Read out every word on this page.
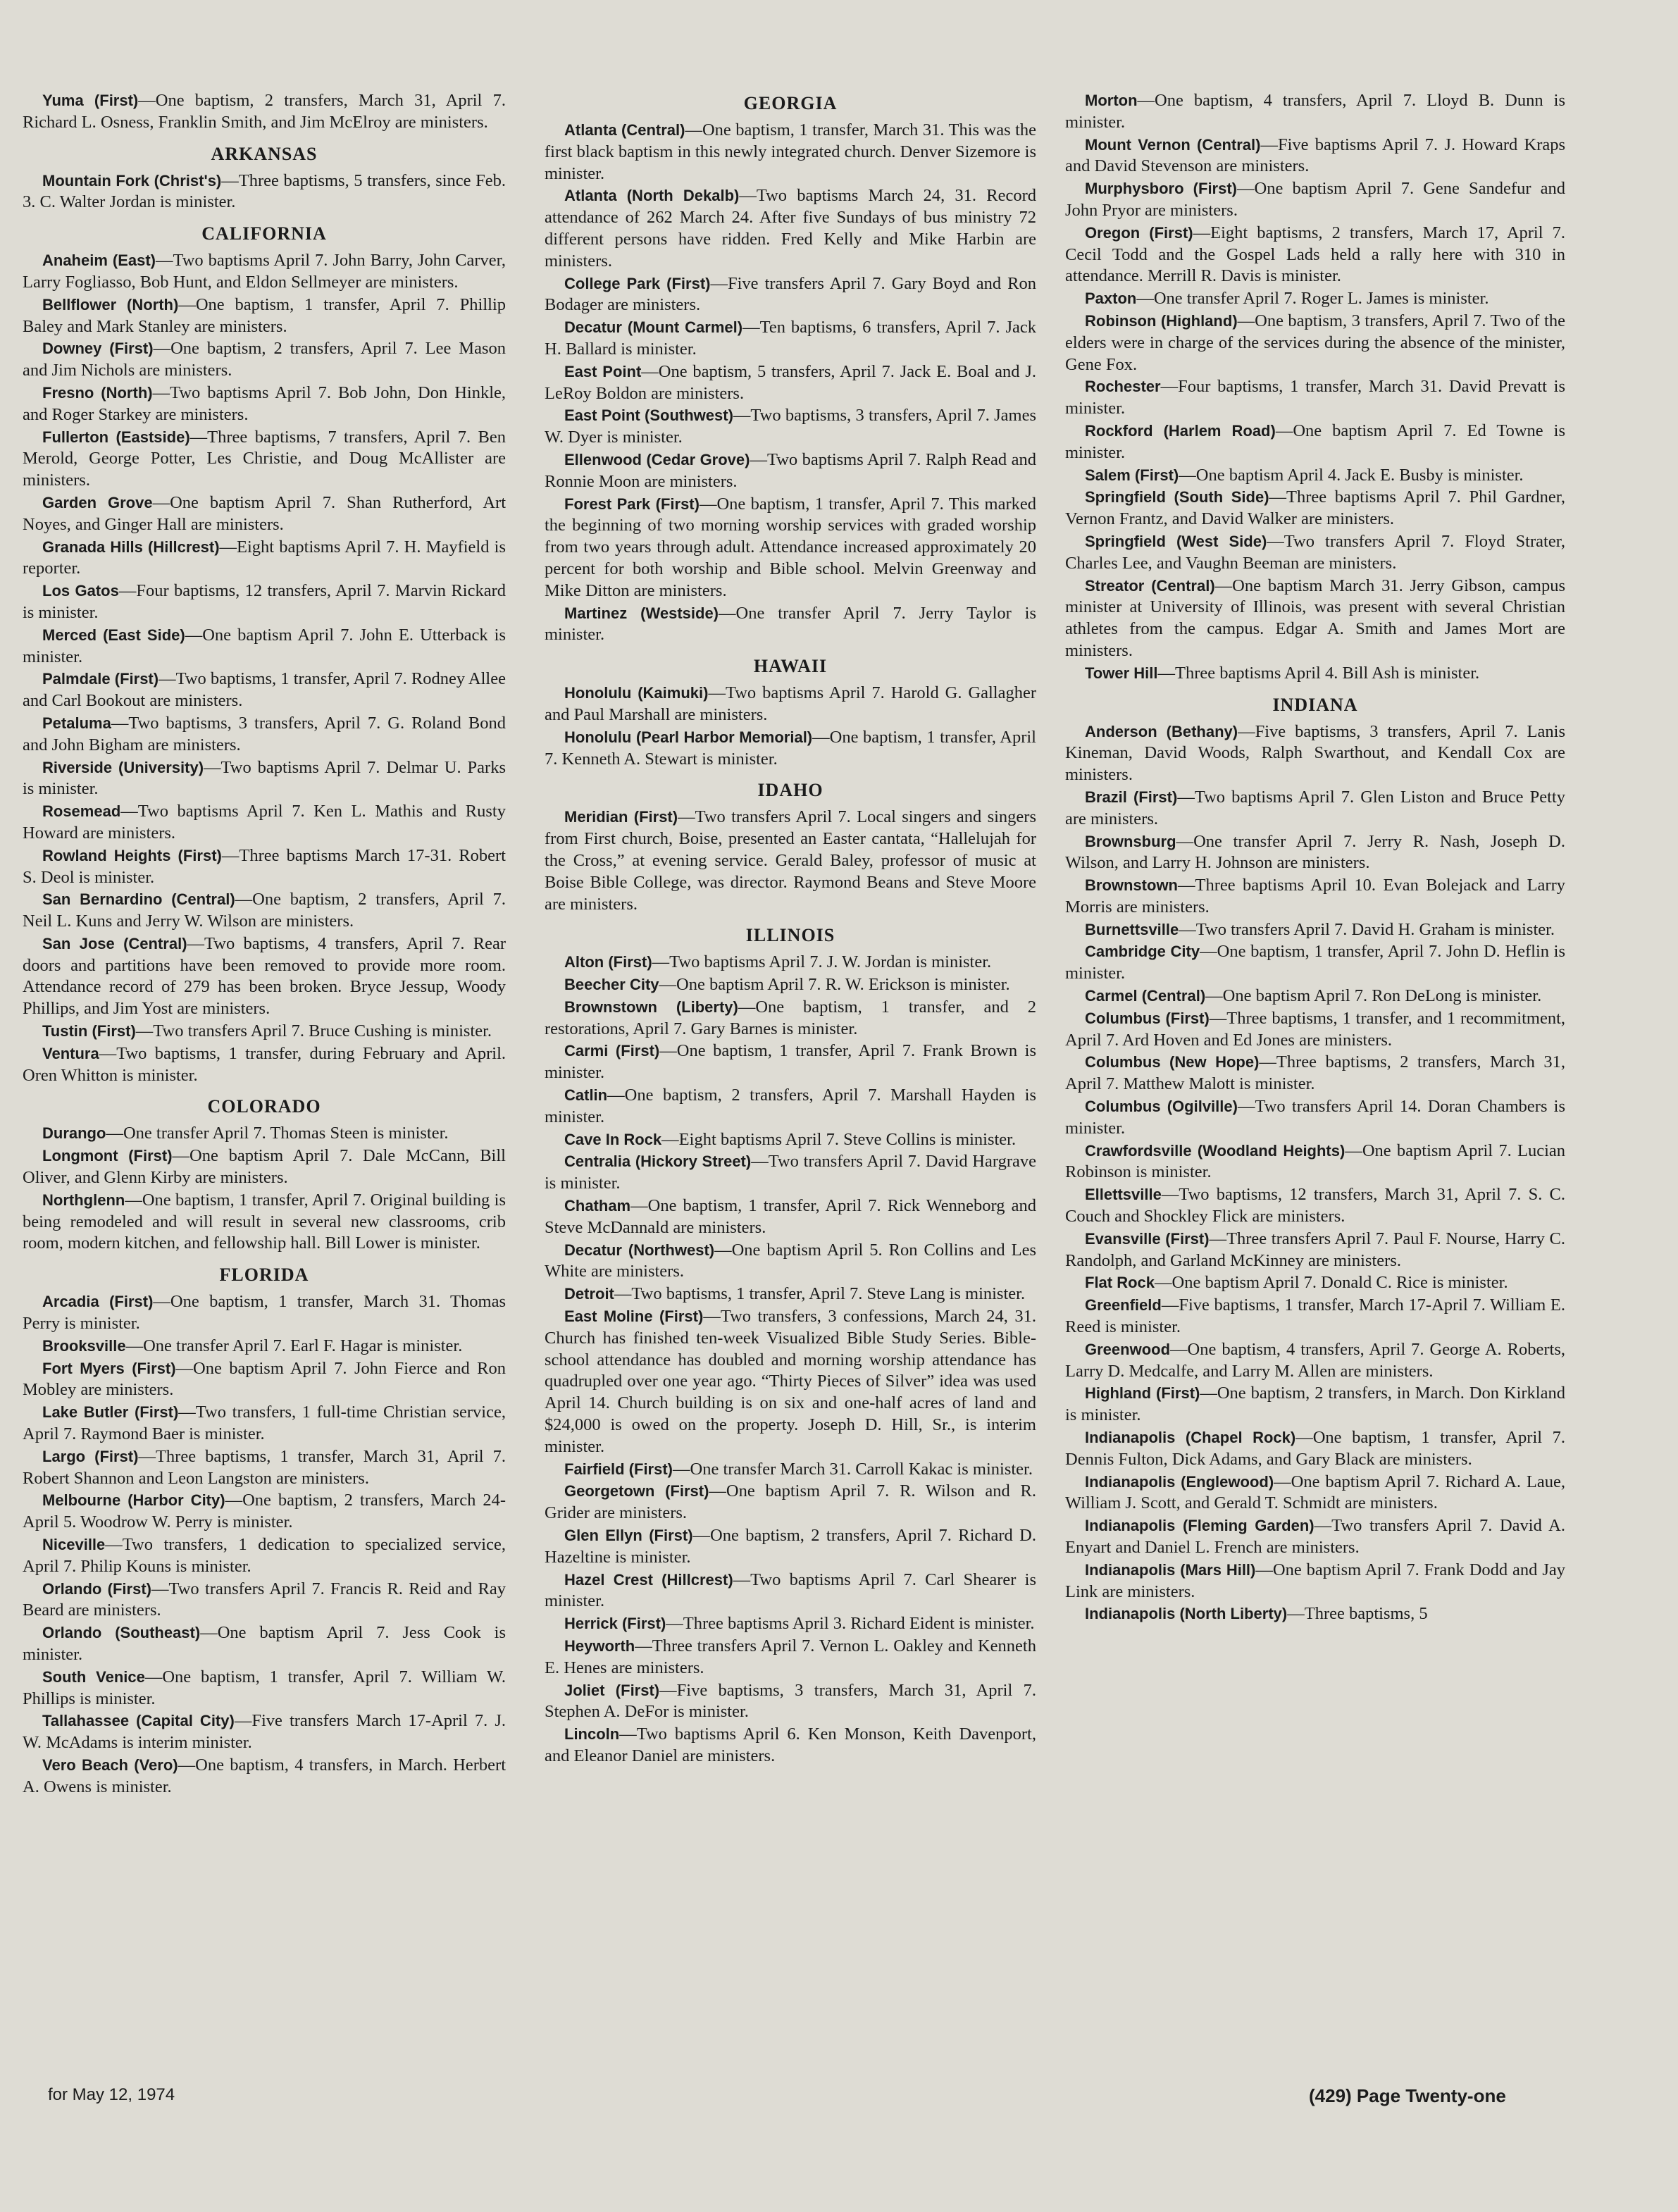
Yuma (First)—One baptism, 2 transfers, March 31, April 7. Richard L. Osness, Franklin Smith, and Jim McElroy are ministers.

ARKANSAS

Mountain Fork (Christ's)—Three baptisms, 5 transfers, since Feb. 3. C. Walter Jordan is minister.

CALIFORNIA

Anaheim (East)—Two baptisms April 7. John Barry, John Carver, Larry Fogliasso, Bob Hunt, and Eldon Sellmeyer are ministers.

Bellflower (North)—One baptism, 1 transfer, April 7. Phillip Baley and Mark Stanley are ministers.

Downey (First)—One baptism, 2 transfers, April 7. Lee Mason and Jim Nichols are ministers.

Fresno (North)—Two baptisms April 7. Bob John, Don Hinkle, and Roger Starkey are ministers.

Fullerton (Eastside)—Three baptisms, 7 transfers, April 7. Ben Merold, George Potter, Les Christie, and Doug McAllister are ministers.

Garden Grove—One baptism April 7. Shan Rutherford, Art Noyes, and Ginger Hall are ministers.

Granada Hills (Hillcrest)—Eight baptisms April 7. H. Mayfield is reporter.

Los Gatos—Four baptisms, 12 transfers, April 7. Marvin Rickard is minister.

Merced (East Side)—One baptism April 7. John E. Utterback is minister.

Palmdale (First)—Two baptisms, 1 transfer, April 7. Rodney Allee and Carl Bookout are ministers.

Petaluma—Two baptisms, 3 transfers, April 7. G. Roland Bond and John Bigham are ministers.

Riverside (University)—Two baptisms April 7. Delmar U. Parks is minister.

Rosemead—Two baptisms April 7. Ken L. Mathis and Rusty Howard are ministers.

Rowland Heights (First)—Three baptisms March 17-31. Robert S. Deol is minister.

San Bernardino (Central)—One baptism, 2 transfers, April 7. Neil L. Kuns and Jerry W. Wilson are ministers.

San Jose (Central)—Two baptisms, 4 transfers, April 7. Rear doors and partitions have been removed to provide more room. Attendance record of 279 has been broken. Bryce Jessup, Woody Phillips, and Jim Yost are ministers.

Tustin (First)—Two transfers April 7. Bruce Cushing is minister.

Ventura—Two baptisms, 1 transfer, during February and April. Oren Whitton is minister.

COLORADO

Durango—One transfer April 7. Thomas Steen is minister.

Longmont (First)—One baptism April 7. Dale McCann, Bill Oliver, and Glenn Kirby are ministers.

Northglenn—One baptism, 1 transfer, April 7. Original building is being remodeled and will result in several new classrooms, crib room, modern kitchen, and fellowship hall. Bill Lower is minister.

FLORIDA

Arcadia (First)—One baptism, 1 transfer, March 31. Thomas Perry is minister.

Brooksville—One transfer April 7. Earl F. Hagar is minister.

Fort Myers (First)—One baptism April 7. John Fierce and Ron Mobley are ministers.

Lake Butler (First)—Two transfers, 1 full-time Christian service, April 7. Raymond Baer is minister.

Largo (First)—Three baptisms, 1 transfer, March 31, April 7. Robert Shannon and Leon Langston are ministers.

Melbourne (Harbor City)—One baptism, 2 transfers, March 24-April 5. Woodrow W. Perry is minister.

Niceville—Two transfers, 1 dedication to specialized service, April 7. Philip Kouns is minister.

Orlando (First)—Two transfers April 7. Francis R. Reid and Ray Beard are ministers.

Orlando (Southeast)—One baptism April 7. Jess Cook is minister.

South Venice—One baptism, 1 transfer, April 7. William W. Phillips is minister.

Tallahassee (Capital City)—Five transfers March 17-April 7. J. W. McAdams is interim minister.

Vero Beach (Vero)—One baptism, 4 transfers, in March. Herbert A. Owens is minister.

GEORGIA

Atlanta (Central)—One baptism, 1 transfer, March 31. This was the first black baptism in this newly integrated church. Denver Sizemore is minister.

Atlanta (North Dekalb)—Two baptisms March 24, 31. Record attendance of 262 March 24. After five Sundays of bus ministry 72 different persons have ridden. Fred Kelly and Mike Harbin are ministers.

College Park (First)—Five transfers April 7. Gary Boyd and Ron Bodager are ministers.

Decatur (Mount Carmel)—Ten baptisms, 6 transfers, April 7. Jack H. Ballard is minister.

East Point—One baptism, 5 transfers, April 7. Jack E. Boal and J. LeRoy Boldon are ministers.

East Point (Southwest)—Two baptisms, 3 transfers, April 7. James W. Dyer is minister.

Ellenwood (Cedar Grove)—Two baptisms April 7. Ralph Read and Ronnie Moon are ministers.

Forest Park (First)—One baptism, 1 transfer, April 7. This marked the beginning of two morning worship services with graded worship from two years through adult. Attendance increased approximately 20 percent for both worship and Bible school. Melvin Greenway and Mike Ditton are ministers.

Martinez (Westside)—One transfer April 7. Jerry Taylor is minister.

HAWAII

Honolulu (Kaimuki)—Two baptisms April 7. Harold G. Gallagher and Paul Marshall are ministers.

Honolulu (Pearl Harbor Memorial)—One baptism, 1 transfer, April 7. Kenneth A. Stewart is minister.

IDAHO

Meridian (First)—Two transfers April 7. Local singers and singers from First church, Boise, presented an Easter cantata, “Hallelujah for the Cross,” at evening service. Gerald Baley, professor of music at Boise Bible College, was director. Raymond Beans and Steve Moore are ministers.

ILLINOIS

Alton (First)—Two baptisms April 7. J. W. Jordan is minister.

Beecher City—One baptism April 7. R. W. Erickson is minister.

Brownstown (Liberty)—One baptism, 1 transfer, and 2 restorations, April 7. Gary Barnes is minister.

Carmi (First)—One baptism, 1 transfer, April 7. Frank Brown is minister.

Catlin—One baptism, 2 transfers, April 7. Marshall Hayden is minister.

Cave In Rock—Eight baptisms April 7. Steve Collins is minister.

Centralia (Hickory Street)—Two transfers April 7. David Hargrave is minister.

Chatham—One baptism, 1 transfer, April 7. Rick Wenneborg and Steve McDannald are ministers.

Decatur (Northwest)—One baptism April 5. Ron Collins and Les White are ministers.

Detroit—Two baptisms, 1 transfer, April 7. Steve Lang is minister.

East Moline (First)—Two transfers, 3 confessions, March 24, 31. Church has finished ten-week Visualized Bible Study Series. Bible-school attendance has doubled and morning worship attendance has quadrupled over one year ago. “Thirty Pieces of Silver” idea was used April 14. Church building is on six and one-half acres of land and $24,000 is owed on the property. Joseph D. Hill, Sr., is interim minister.

Fairfield (First)—One transfer March 31. Carroll Kakac is minister.

Georgetown (First)—One baptism April 7. R. Wilson and R. Grider are ministers.

Glen Ellyn (First)—One baptism, 2 transfers, April 7. Richard D. Hazeltine is minister.

Hazel Crest (Hillcrest)—Two baptisms April 7. Carl Shearer is minister.

Herrick (First)—Three baptisms April 3. Richard Eident is minister.

Heyworth—Three transfers April 7. Vernon L. Oakley and Kenneth E. Henes are ministers.

Joliet (First)—Five baptisms, 3 transfers, March 31, April 7. Stephen A. DeFor is minister.

Lincoln—Two baptisms April 6. Ken Monson, Keith Davenport, and Eleanor Daniel are ministers.

Morton—One baptism, 4 transfers, April 7. Lloyd B. Dunn is minister.

Mount Vernon (Central)—Five baptisms April 7. J. Howard Kraps and David Stevenson are ministers.

Murphysboro (First)—One baptism April 7. Gene Sandefur and John Pryor are ministers.

Oregon (First)—Eight baptisms, 2 transfers, March 17, April 7. Cecil Todd and the Gospel Lads held a rally here with 310 in attendance. Merrill R. Davis is minister.

Paxton—One transfer April 7. Roger L. James is minister.

Robinson (Highland)—One baptism, 3 transfers, April 7. Two of the elders were in charge of the services during the absence of the minister, Gene Fox.

Rochester—Four baptisms, 1 transfer, March 31. David Prevatt is minister.

Rockford (Harlem Road)—One baptism April 7. Ed Towne is minister.

Salem (First)—One baptism April 4. Jack E. Busby is minister.

Springfield (South Side)—Three baptisms April 7. Phil Gardner, Vernon Frantz, and David Walker are ministers.

Springfield (West Side)—Two transfers April 7. Floyd Strater, Charles Lee, and Vaughn Beeman are ministers.

Streator (Central)—One baptism March 31. Jerry Gibson, campus minister at University of Illinois, was present with several Christian athletes from the campus. Edgar A. Smith and James Mort are ministers.

Tower Hill—Three baptisms April 4. Bill Ash is minister.

INDIANA

Anderson (Bethany)—Five baptisms, 3 transfers, April 7. Lanis Kineman, David Woods, Ralph Swarthout, and Kendall Cox are ministers.

Brazil (First)—Two baptisms April 7. Glen Liston and Bruce Petty are ministers.

Brownsburg—One transfer April 7. Jerry R. Nash, Joseph D. Wilson, and Larry H. Johnson are ministers.

Brownstown—Three baptisms April 10. Evan Bolejack and Larry Morris are ministers.

Burnettsville—Two transfers April 7. David H. Graham is minister.

Cambridge City—One baptism, 1 transfer, April 7. John D. Heflin is minister.

Carmel (Central)—One baptism April 7. Ron DeLong is minister.

Columbus (First)—Three baptisms, 1 transfer, and 1 recommitment, April 7. Ard Hoven and Ed Jones are ministers.

Columbus (New Hope)—Three baptisms, 2 transfers, March 31, April 7. Matthew Malott is minister.

Columbus (Ogilville)—Two transfers April 14. Doran Chambers is minister.

Crawfordsville (Woodland Heights)—One baptism April 7. Lucian Robinson is minister.

Ellettsville—Two baptisms, 12 transfers, March 31, April 7. S. C. Couch and Shockley Flick are ministers.

Evansville (First)—Three transfers April 7. Paul F. Nourse, Harry C. Randolph, and Garland McKinney are ministers.

Flat Rock—One baptism April 7. Donald C. Rice is minister.

Greenfield—Five baptisms, 1 transfer, March 17-April 7. William E. Reed is minister.

Greenwood—One baptism, 4 transfers, April 7. George A. Roberts, Larry D. Medcalfe, and Larry M. Allen are ministers.

Highland (First)—One baptism, 2 transfers, in March. Don Kirkland is minister.

Indianapolis (Chapel Rock)—One baptism, 1 transfer, April 7. Dennis Fulton, Dick Adams, and Gary Black are ministers.

Indianapolis (Englewood)—One baptism April 7. Richard A. Laue, William J. Scott, and Gerald T. Schmidt are ministers.

Indianapolis (Fleming Garden)—Two transfers April 7. David A. Enyart and Daniel L. French are ministers.

Indianapolis (Mars Hill)—One baptism April 7. Frank Dodd and Jay Link are ministers.

Indianapolis (North Liberty)—Three baptisms, 5

for May 12, 1974	(429) Page Twenty-one
